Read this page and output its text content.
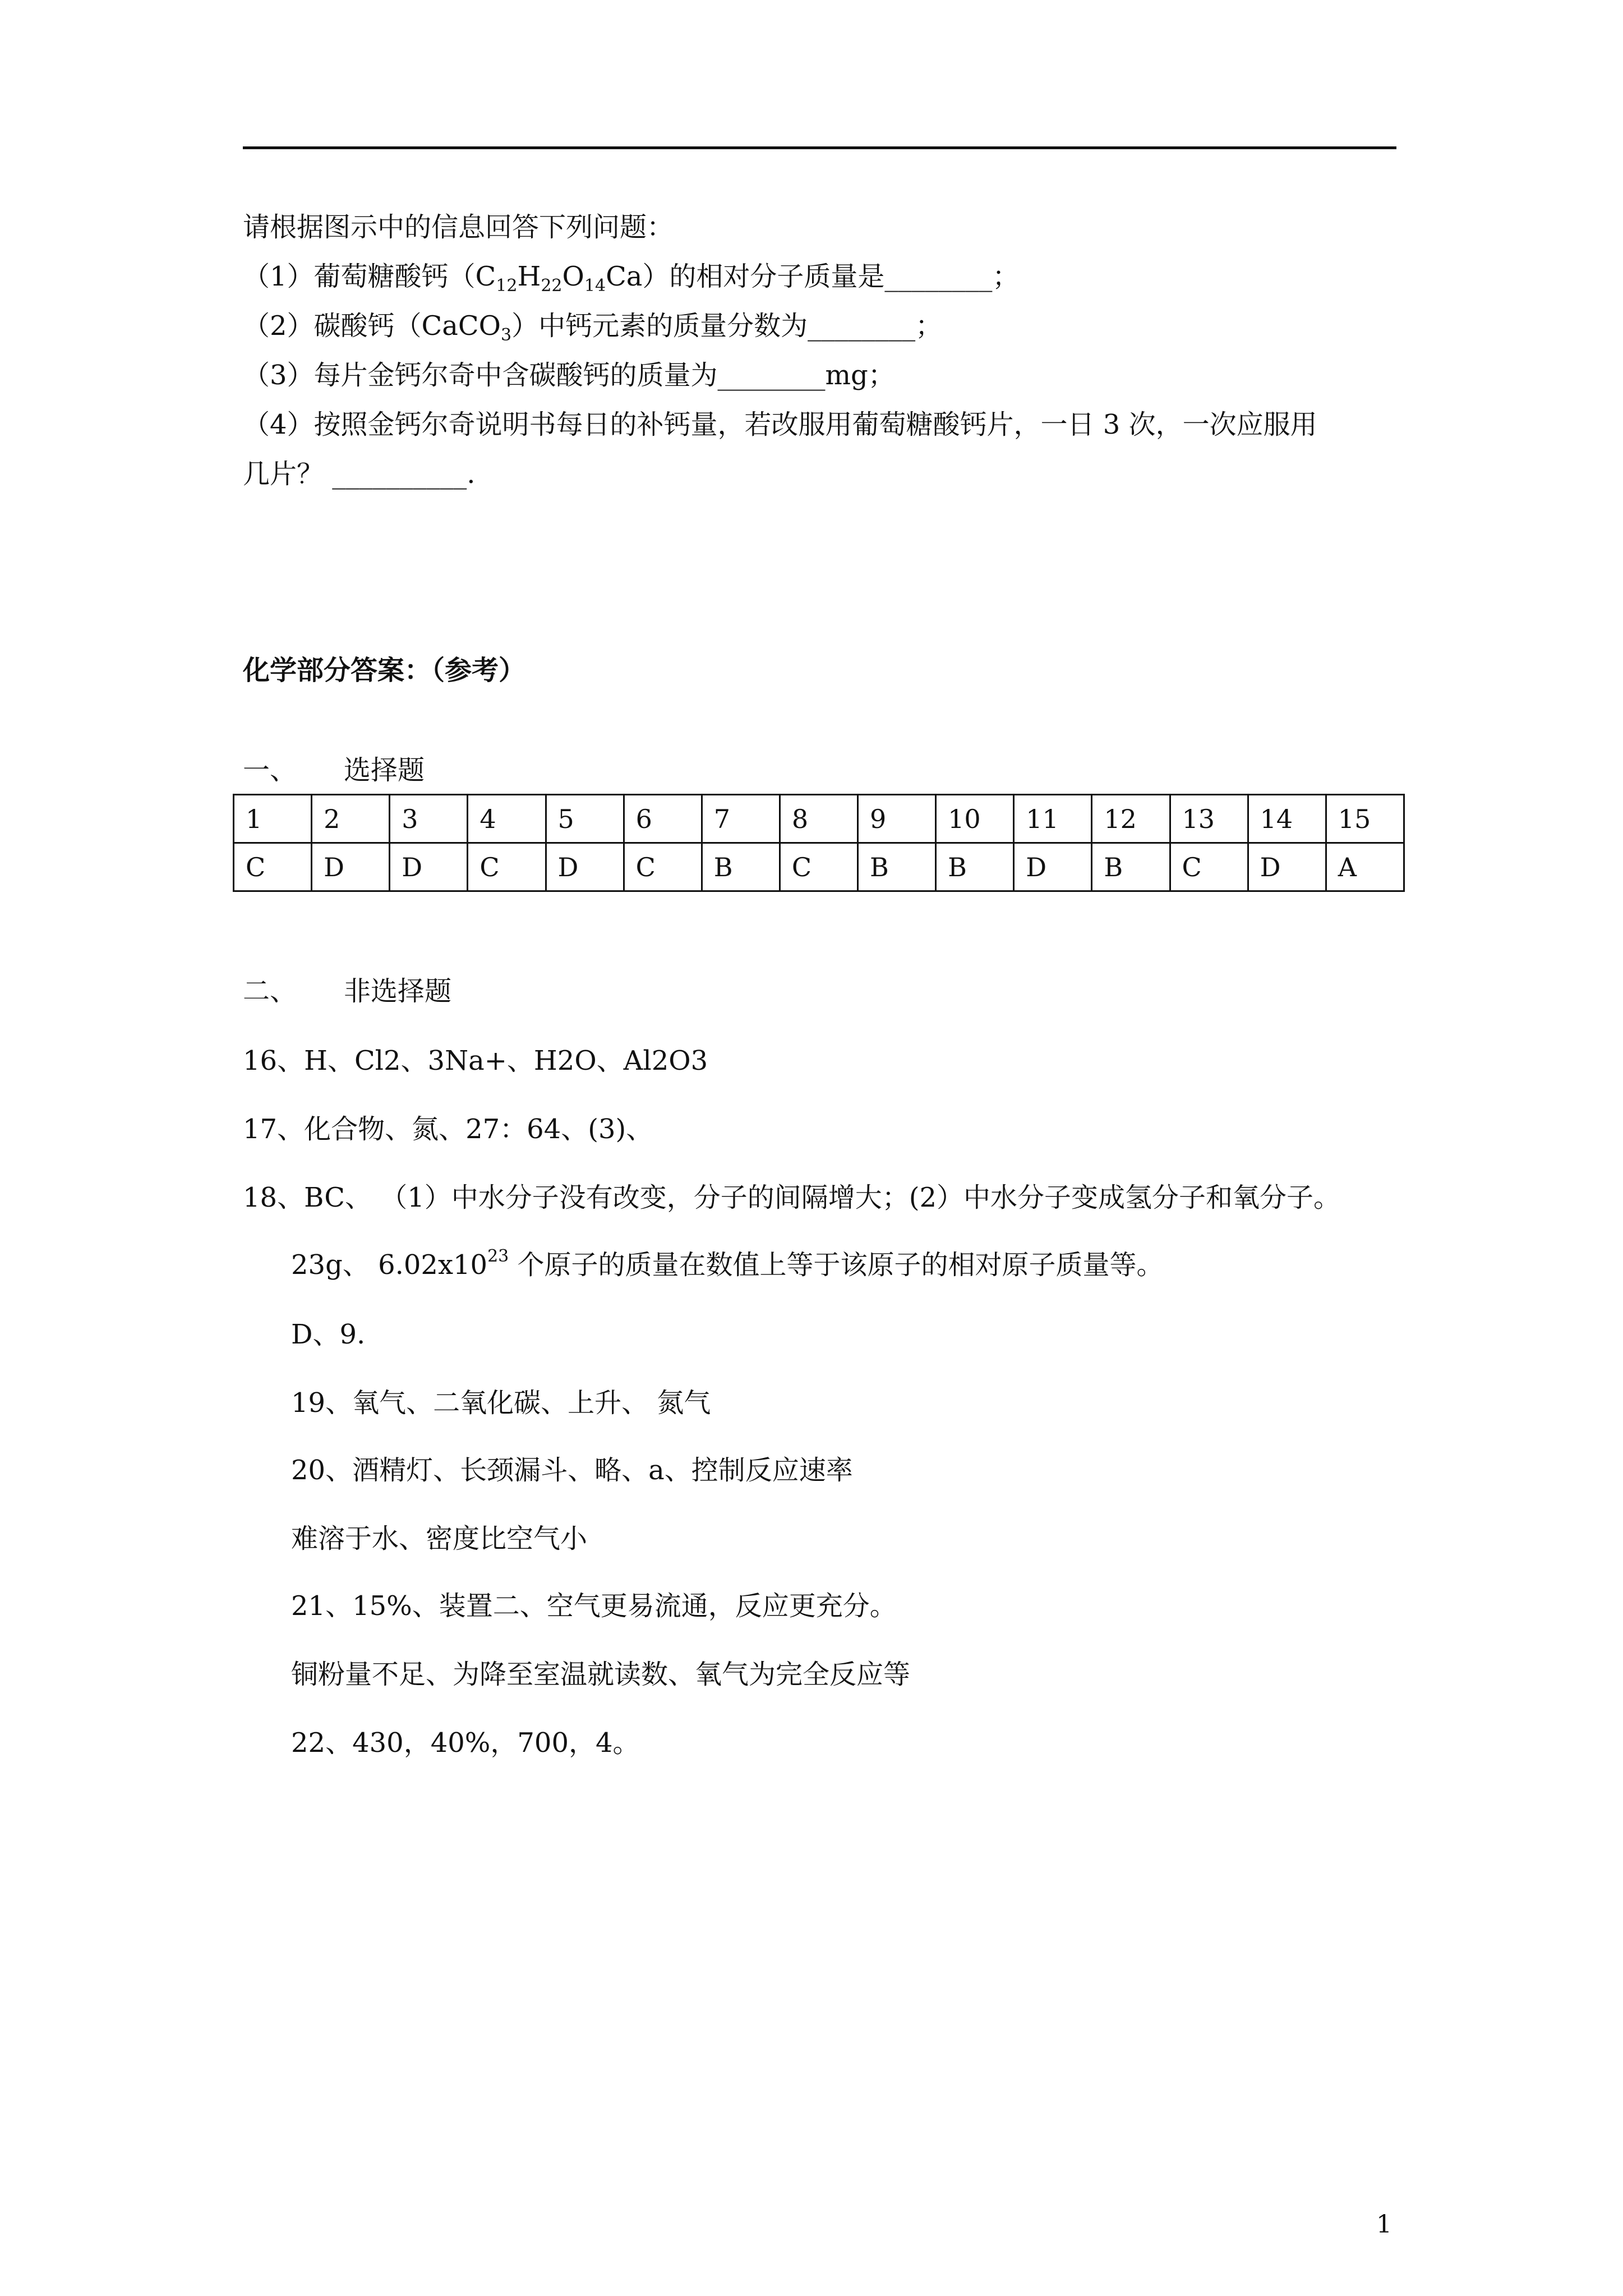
请根据图示中的信息回答下列问题：
（1）葡萄糖酸钙$(C_{12}H_{22}O_{14}Ca)$的相对分子质量是________；
（2）碳酸钙（CaCO$_3$）中钙元素的质量分数为________；
（3）每片金钙尔奇中含碳酸钙的质量为________mg；
（4）按照金钙尔奇说明书每日的补钙量，若改服用葡萄糖酸钙片，一日 3 次，一次应服用
几片？ __________.
化学部分答案：（参考）
一、 选择题
1	2	3	4	5	6	7	8	9	10	11	12	13	14	15
C	D	D	C	D	C	B	C	B	B	D	B	C	D	A
二、 非选择题
16、H、Cl2、3Na+、H2O、Al2O3
17、化合物、氮、27：64、(3)、
18、BC、 （1）中水分子没有改变，分子的间隔增大；(2）中水分子变成氢分子和氧分子。
23g、 $6.02x10^{23}$ 个原子的质量在数值上等于该原子的相对原子质量等。
D、9.
19、氧气、二氧化碳、上升、 氮气
20、酒精灯、长颈漏斗、略、a、控制反应速率
难溶于水、密度比空气小
21、15%、装置二、空气更易流通，反应更充分。
铜粉量不足、为降至室温就读数、氧气为完全反应等
22、430，40%，700，4。
1
